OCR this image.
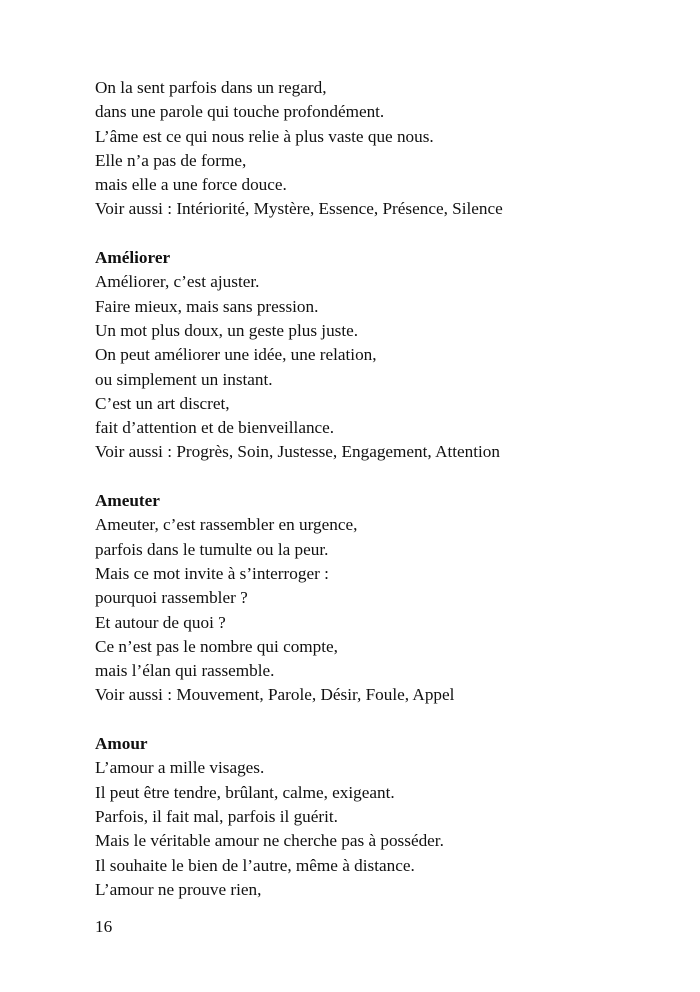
On la sent parfois dans un regard,
dans une parole qui touche profondément.
L’âme est ce qui nous relie à plus vaste que nous.
Elle n’a pas de forme,
mais elle a une force douce.
Voir aussi : Intériorité, Mystère, Essence, Présence, Silence
Améliorer
Améliorer, c’est ajuster.
Faire mieux, mais sans pression.
Un mot plus doux, un geste plus juste.
On peut améliorer une idée, une relation,
ou simplement un instant.
C’est un art discret,
fait d’attention et de bienveillance.
Voir aussi : Progrès, Soin, Justesse, Engagement, Attention
Ameuter
Ameuter, c’est rassembler en urgence,
parfois dans le tumulte ou la peur.
Mais ce mot invite à s’interroger :
pourquoi rassembler ?
Et autour de quoi ?
Ce n’est pas le nombre qui compte,
mais l’élan qui rassemble.
Voir aussi : Mouvement, Parole, Désir, Foule, Appel
Amour
L’amour a mille visages.
Il peut être tendre, brûlant, calme, exigeant.
Parfois, il fait mal, parfois il guérit.
Mais le véritable amour ne cherche pas à posséder.
Il souhaite le bien de l’autre, même à distance.
L’amour ne prouve rien,
16
